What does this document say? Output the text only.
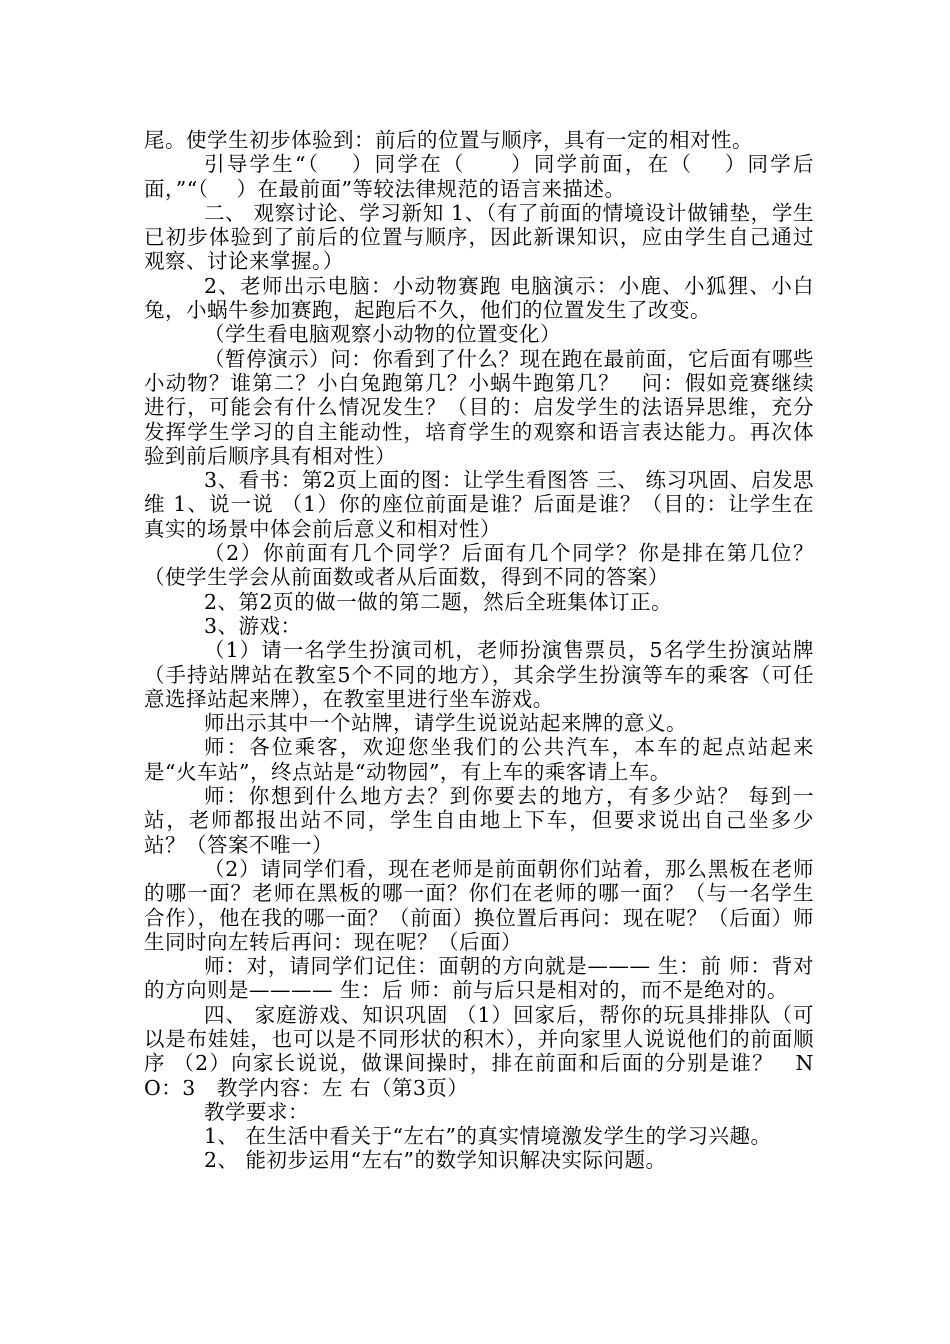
尾。使学生初步体验到：前后的位置与顺序，具有一定的相对性。

引导学生“（　 ）同学在（　　）同学前面，在（　 ）同学后面，”“（　 ）在最前面”等较法律规范的语言来描述。

二、 观察讨论、学习新知 1、（有了前面的情境设计做铺垫，学生已初步体验到了前后的位置与顺序，因此新课知识，应由学生自己通过观察、讨论来掌握。）

2、老师出示电脑：小动物赛跑 电脑演示：小鹿、小狐狸、小白兔，小蜗牛参加赛跑，起跑后不久，他们的位置发生了改变。

（学生看电脑观察小动物的位置变化）

（暂停演示）问：你看到了什么？现在跑在最前面，它后面有哪些小动物？谁第二？小白兔跑第几？小蜗牛跑第几？　问：假如竞赛继续进行，可能会有什么情况发生？（目的：启发学生的法语异思维，充分发挥学生学习的自主能动性，培育学生的观察和语言表达能力。再次体验到前后顺序具有相对性）

3、看书：第2页上面的图：让学生看图答 三、 练习巩固、启发思维 1、说一说 （1）你的座位前面是谁？后面是谁？（目的：让学生在真实的场景中体会前后意义和相对性）

（2）你前面有几个同学？后面有几个同学？你是排在第几位？（使学生学会从前面数或者从后面数，得到不同的答案）

2、第2页的做一做的第二题，然后全班集体订正。

3、游戏：

（1）请一名学生扮演司机，老师扮演售票员，5名学生扮演站牌（手持站牌站在教室5个不同的地方），其余学生扮演等车的乘客（可任意选择站起来牌），在教室里进行坐车游戏。

师出示其中一个站牌，请学生说说站起来牌的意义。

师：各位乘客，欢迎您坐我们的公共汽车，本车的起点站起来是“火车站”，终点站是“动物园”，有上车的乘客请上车。

师：你想到什么地方去？到你要去的地方，有多少站？ 每到一站，老师都报出站不同，学生自由地上下车，但要求说出自己坐多少站？（答案不唯一）

（2）请同学们看，现在老师是前面朝你们站着，那么黑板在老师的哪一面？老师在黑板的哪一面？你们在老师的哪一面？（与一名学生合作），他在我的哪一面？（前面）换位置后再问：现在呢？（后面）师生同时向左转后再问：现在呢？（后面）

师：对，请同学们记住：面朝的方向就是——— 生：前 师：背对的方向则是———— 生：后 师：前与后只是相对的，而不是绝对的。

四、 家庭游戏、知识巩固 （1）回家后，帮你的玩具排排队（可以是布娃娃，也可以是不同形状的积木），并向家里人说说他们的前面顺序 （2）向家长说说，做课间操时，排在前面和后面的分别是谁？　NO：3　教学内容：左 右（第3页）

教学要求：

1、 在生活中看关于“左右”的真实情境激发学生的学习兴趣。

2、 能初步运用“左右”的数学知识解决实际问题。
